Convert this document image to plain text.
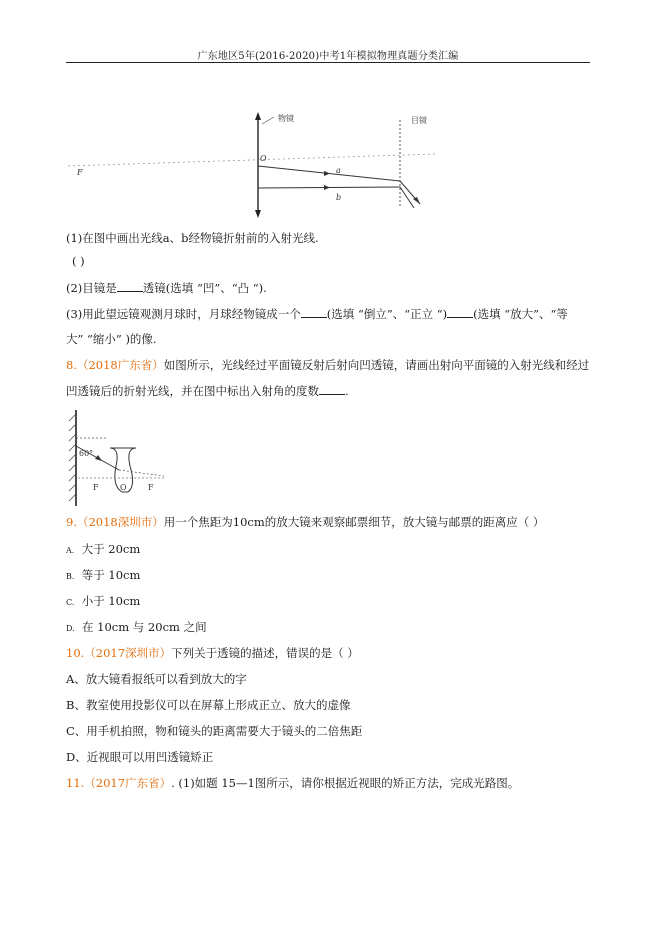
广东地区5年(2016-2020)中考1年模拟物理真题分类汇编
物镜	目镜
O
F	a
b
(1)在图中画出光线a、b经物镜折射前的入射光线.
( )
(2)目镜是 透镜(选填 “凹”、“凸 “).
(3)用此望远镜观测月球时，月球经物镜成一个 (选填 “倒立”、“正立 “) (选填 “放大”、“等
大” “缩小” )的像.
8.（2018广东省）如图所示，光线经过平面镜反射后射向凹透镜，请画出射向平面镜的入射光线和经过
凹透镜后的折射光线，并在图中标出入射角的度数 .
60°
F	O	F
9.（2018深圳市）用一个焦距为10cm的放大镜来观察邮票细节，放大镜与邮票的距离应（ ）
A. 大于 20cm
B. 等于 10cm
C. 小于 10cm
D. 在 10cm 与 20cm 之间
10.（2017深圳市）下列关于透镜的描述，错误的是（ ）
A、放大镜看报纸可以看到放大的字
B、教室使用投影仪可以在屏幕上形成正立、放大的虚像
C、用手机拍照，物和镜头的距离需要大于镜头的二倍焦距
D、近视眼可以用凹透镜矫正
11.（2017广东省）. (1)如题 15—1图所示，请你根据近视眼的矫正方法，完成光路图。
